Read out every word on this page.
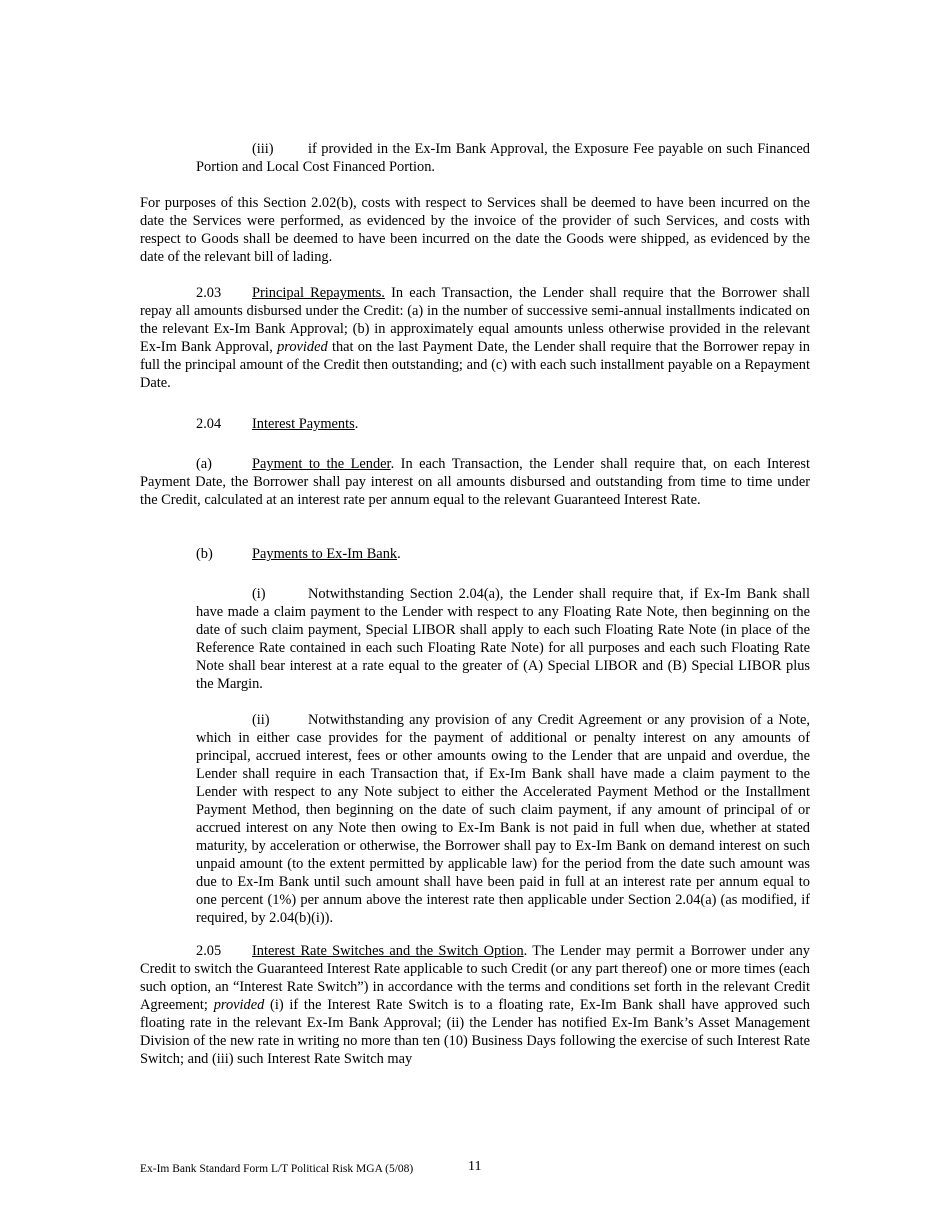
(iii) if provided in the Ex-Im Bank Approval, the Exposure Fee payable on such Financed Portion and Local Cost Financed Portion.

For purposes of this Section 2.02(b), costs with respect to Services shall be deemed to have been incurred on the date the Services were performed, as evidenced by the invoice of the provider of such Services, and costs with respect to Goods shall be deemed to have been incurred on the date the Goods were shipped, as evidenced by the date of the relevant bill of lading.

2.03 Principal Repayments. In each Transaction, the Lender shall require that the Borrower shall repay all amounts disbursed under the Credit: (a) in the number of successive semi-annual installments indicated on the relevant Ex-Im Bank Approval; (b) in approximately equal amounts unless otherwise provided in the relevant Ex-Im Bank Approval, provided that on the last Payment Date, the Lender shall require that the Borrower repay in full the principal amount of the Credit then outstanding; and (c) with each such installment payable on a Repayment Date.

2.04 Interest Payments.

(a)	Payment to the Lender. In each Transaction, the Lender shall require that, on each Interest Payment Date, the Borrower shall pay interest on all amounts disbursed and outstanding from time to time under the Credit, calculated at an interest rate per annum equal to the relevant Guaranteed Interest Rate.

(b)	Payments to Ex-Im Bank.

(i)	Notwithstanding Section 2.04(a), the Lender shall require that, if Ex-Im Bank shall have made a claim payment to the Lender with respect to any Floating Rate Note, then beginning on the date of such claim payment, Special LIBOR shall apply to each such Floating Rate Note (in place of the Reference Rate contained in each such Floating Rate Note) for all purposes and each such Floating Rate Note shall bear interest at a rate equal to the greater of (A) Special LIBOR and (B) Special LIBOR plus the Margin.

(ii)	Notwithstanding any provision of any Credit Agreement or any provision of a Note, which in either case provides for the payment of additional or penalty interest on any amounts of principal, accrued interest, fees or other amounts owing to the Lender that are unpaid and overdue, the Lender shall require in each Transaction that, if Ex-Im Bank shall have made a claim payment to the Lender with respect to any Note subject to either the Accelerated Payment Method or the Installment Payment Method, then beginning on the date of such claim payment, if any amount of principal of or accrued interest on any Note then owing to Ex-Im Bank is not paid in full when due, whether at stated maturity, by acceleration or otherwise, the Borrower shall pay to Ex-Im Bank on demand interest on such unpaid amount (to the extent permitted by applicable law) for the period from the date such amount was due to Ex-Im Bank until such amount shall have been paid in full at an interest rate per annum equal to one percent (1%) per annum above the interest rate then applicable under Section 2.04(a) (as modified, if required, by 2.04(b)(i)).

2.05 Interest Rate Switches and the Switch Option. The Lender may permit a Borrower under any Credit to switch the Guaranteed Interest Rate applicable to such Credit (or any part thereof) one or more times (each such option, an “Interest Rate Switch”) in accordance with the terms and conditions set forth in the relevant Credit Agreement; provided (i) if the Interest Rate Switch is to a floating rate, Ex-Im Bank shall have approved such floating rate in the relevant Ex-Im Bank Approval; (ii) the Lender has notified Ex-Im Bank’s Asset Management Division of the new rate in writing no more than ten (10) Business Days following the exercise of such Interest Rate Switch; and (iii) such Interest Rate Switch may

Ex-Im Bank Standard Form L/T Political Risk MGA (5/08)	11
